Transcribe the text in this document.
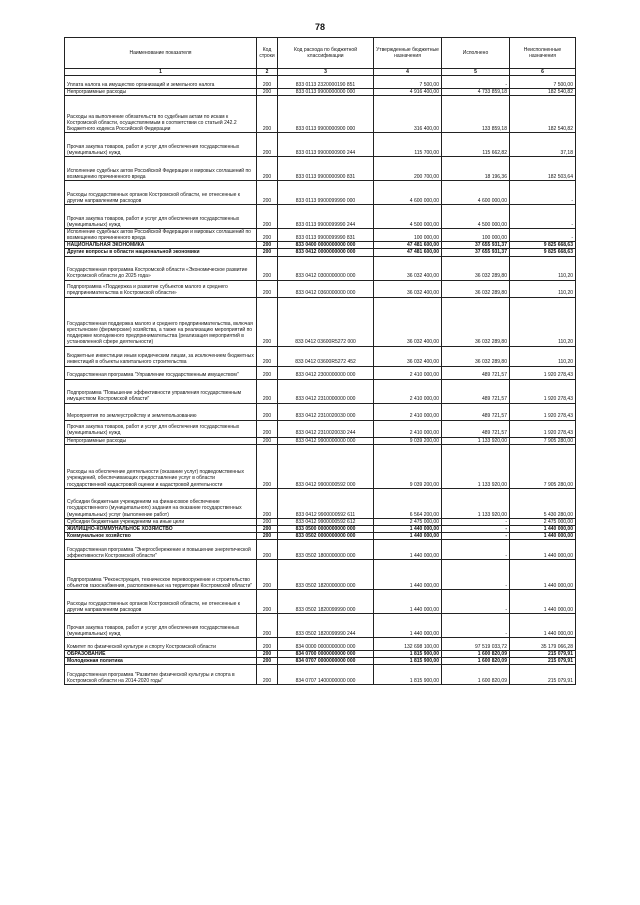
78
Наименование показателя	Код строки	Код расхода по бюджетной классификации	Утвержденные бюджетные назначения	Исполнено	Неисполненные назначения
1	2	3	4	5	6
Уплата налога на имущество организаций и земельного налога	200	833 0113 2320000190 851	7 500,00	-	7 500,00
Непрограммные расходы	200	833 0113 9900000000 000	4 916 400,00	4 733 859,18	182 540,82
Расходы на выполнение обязательств по судебным актам по искам к Костромской области, осуществляемым в соответствии со статьей 242.2 Бюджетного кодекса Российской Федерации	200	833 0113 9900000900 000	316 400,00	133 859,18	182 540,82
Прочая закупка товаров, работ и услуг для обеспечения государственных (муниципальных) нужд	200	833 0113 9900000900 244	115 700,00	115 662,82	37,18
Исполнение судебных актов Российской Федерации и мировых соглашений по возмещению причиненного вреда	200	833 0113 9900000900 831	200 700,00	18 196,36	182 503,64
Расходы государственных органов Костромской области, не отнесенные к другим направлениям расходов	200	833 0113 9900099990 000	4 600 000,00	4 600 000,00	-
Прочая закупка товаров, работ и услуг для обеспечения государственных (муниципальных) нужд	200	833 0113 9900099990 244	4 500 000,00	4 500 000,00	-
Исполнение судебных актов Российской Федерации и мировых соглашений по возмещению причиненного вреда	200	833 0113 9900099990 831	100 000,00	100 000,00	-
НАЦИОНАЛЬНАЯ ЭКОНОМИКА	200	833 0400 0000000000 000	47 481 600,00	37 655 931,37	9 825 668,63
Другие вопросы в области национальной экономики	200	833 0412 0000000000 000	47 481 600,00	37 655 931,37	9 825 668,63
Государственная программа Костромской области «Экономическое развитие Костромской области до 2025 года»	200	833 0412 0300000000 000	36 032 400,00	36 032 289,80	110,20
Подпрограмма «Поддержка и развитие субъектов малого и среднего предпринимательства в Костромской области»	200	833 0412 0360000000 000	36 032 400,00	36 032 289,80	110,20
Государственная поддержка малого и среднего предпринимательства, включая крестьянские (фермерские) хозяйства, а также на реализацию мероприятий по поддержке молодежного предпринимательства (реализация мероприятий в установленной сфере деятельности)	200	833 0412 03600R5272 000	36 032 400,00	36 032 289,80	110,20
Бюджетные инвестиции иным юридическим лицам, за исключением бюджетных инвестиций в объекты капитального строительства	200	833 0412 03600R5272 452	36 032 400,00	36 032 289,80	110,20
Государственная программа "Управление государственным имуществом"	200	833 0412 2300000000 000	2 410 000,00	489 721,57	1 920 278,43
Подпрограмма "Повышение эффективности управления государственным имуществом Костромской области"	200	833 0412 2310000000 000	2 410 000,00	489 721,57	1 920 278,43
Мероприятия по землеустройству и землепользованию	200	833 0412 2310020030 000	2 410 000,00	489 721,57	1 920 278,43
Прочая закупка товаров, работ и услуг для обеспечения государственных (муниципальных) нужд	200	833 0412 2310020030 244	2 410 000,00	489 721,57	1 920 278,43
Непрограммные расходы	200	833 0412 9900000000 000	9 039 200,00	1 133 920,00	7 905 280,00
Расходы на обеспечение деятельности (оказание услуг) подведомственных учреждений, обеспечивающих предоставление услуг в области государственной кадастровой оценки и кадастровой деятельности	200	833 0412 9900000592 000	9 039 200,00	1 133 920,00	7 905 280,00
Субсидии бюджетным учреждениям на финансовое обеспечение государственного (муниципального) задания на оказание государственных (муниципальных) услуг (выполнение работ)	200	833 0412 9900000592 611	6 564 200,00	1 133 920,00	5 430 280,00
Субсидии бюджетным учреждениям на иные цели	200	833 0412 9900000592 612	2 475 000,00	-	2 475 000,00
ЖИЛИЩНО-КОММУНАЛЬНОЕ ХОЗЯЙСТВО	200	833 0500 0000000000 000	1 440 000,00	-	1 440 000,00
Коммунальное хозяйство	200	833 0502 0000000000 000	1 440 000,00	-	1 440 000,00
Государственная программа "Энергосбережение и повышение энергетической эффективности Костромской области"	200	833 0502 1800000000 000	1 440 000,00	-	1 440 000,00
Подпрограмма "Реконструкция, техническое перевооружение и строительство объектов газоснабжения, расположенных на территории Костромской области"	200	833 0502 1820000000 000	1 440 000,00	-	1 440 000,00
Расходы государственных органов Костромской области, не отнесенные к другим направлениям расходов	200	833 0502 1820099990 000	1 440 000,00	-	1 440 000,00
Прочая закупка товаров, работ и услуг для обеспечения государственных (муниципальных) нужд	200	833 0502 1820099990 244	1 440 000,00	-	1 440 000,00
Комитет по физической культуре и спорту Костромской области	200	834 0000 0000000000 000	132 698 100,00	97 519 033,72	35 179 066,28
ОБРАЗОВАНИЕ	200	834 0700 0000000000 000	1 815 900,00	1 600 820,09	215 079,91
Молодежная политика	200	834 0707 0000000000 000	1 815 900,00	1 600 820,09	215 079,91
Государственная программа "Развитие физической культуры и спорта в Костромской области на 2014-2020 годы"	200	834 0707 1400000000 000	1 815 900,00	1 600 820,09	215 079,91
